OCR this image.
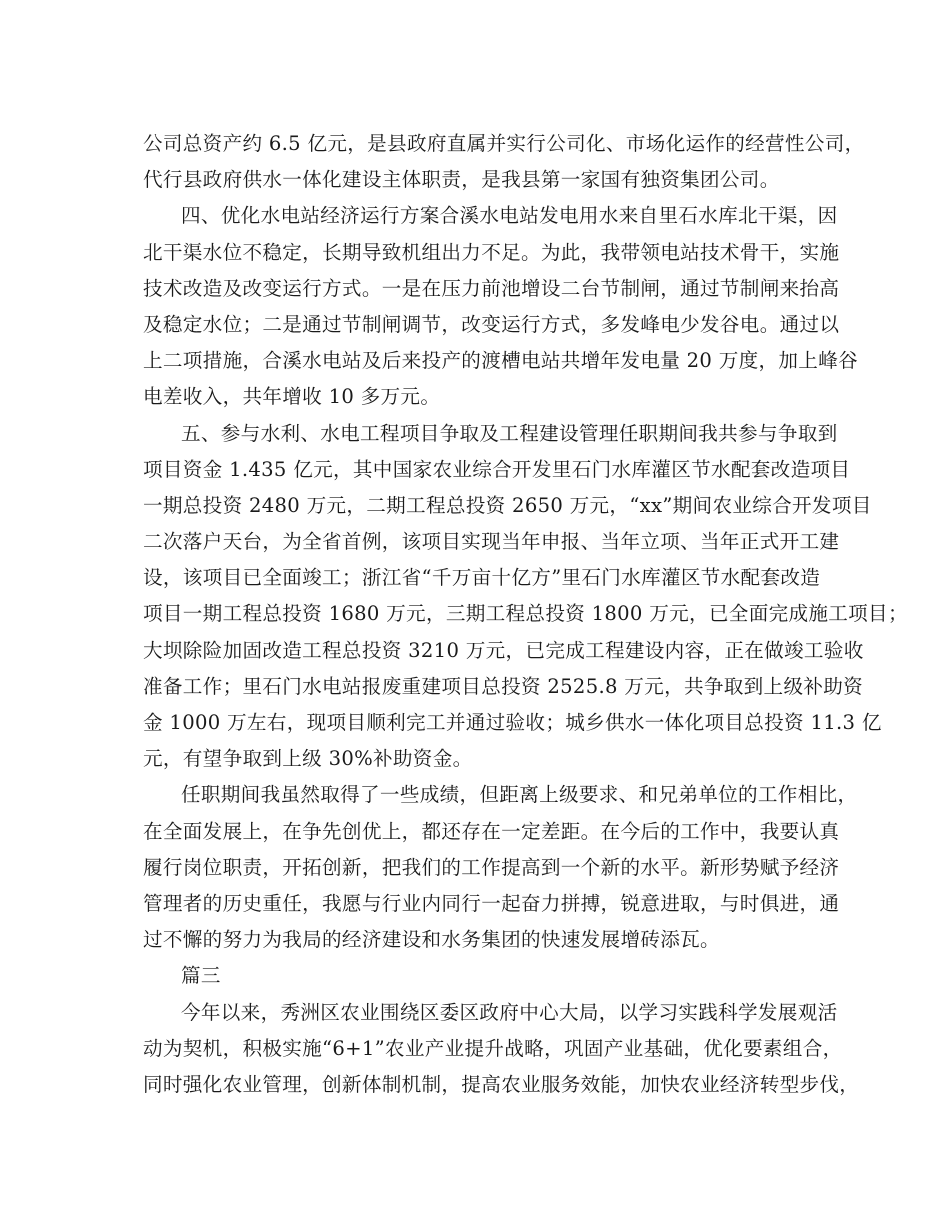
公司总资产约 6.5 亿元，是县政府直属并实行公司化、市场化运作的经营性公司，
代行县政府供水一体化建设主体职责，是我县第一家国有独资集团公司。
四、优化水电站经济运行方案合溪水电站发电用水来自里石水库北干渠，因
北干渠水位不稳定，长期导致机组出力不足。为此，我带领电站技术骨干，实施
技术改造及改变运行方式。一是在压力前池增设二台节制闸，通过节制闸来抬高
及稳定水位；二是通过节制闸调节，改变运行方式，多发峰电少发谷电。通过以
上二项措施，合溪水电站及后来投产的渡槽电站共增年发电量 20 万度，加上峰谷
电差收入，共年增收 10 多万元。
五、参与水利、水电工程项目争取及工程建设管理任职期间我共参与争取到
项目资金 1.435 亿元，其中国家农业综合开发里石门水库灌区节水配套改造项目
一期总投资 2480 万元，二期工程总投资 2650 万元，“xx”期间农业综合开发项目
二次落户天台，为全省首例，该项目实现当年申报、当年立项、当年正式开工建
设，该项目已全面竣工；浙江省“千万亩十亿方”里石门水库灌区节水配套改造
项目一期工程总投资 1680 万元，三期工程总投资 1800 万元，已全面完成施工项目；
大坝除险加固改造工程总投资 3210 万元，已完成工程建设内容，正在做竣工验收
准备工作；里石门水电站报废重建项目总投资 2525.8 万元，共争取到上级补助资
金 1000 万左右，现项目顺利完工并通过验收；城乡供水一体化项目总投资 11.3 亿
元，有望争取到上级 30%补助资金。
任职期间我虽然取得了一些成绩，但距离上级要求、和兄弟单位的工作相比，
在全面发展上，在争先创优上，都还存在一定差距。在今后的工作中，我要认真
履行岗位职责，开拓创新，把我们的工作提高到一个新的水平。新形势赋予经济
管理者的历史重任，我愿与行业内同行一起奋力拼搏，锐意进取，与时俱进，通
过不懈的努力为我局的经济建设和水务集团的快速发展增砖添瓦。
篇三
今年以来，秀洲区农业围绕区委区政府中心大局，以学习实践科学发展观活
动为契机，积极实施“6+1”农业产业提升战略，巩固产业基础，优化要素组合，
同时强化农业管理，创新体制机制，提高农业服务效能，加快农业经济转型步伐，
